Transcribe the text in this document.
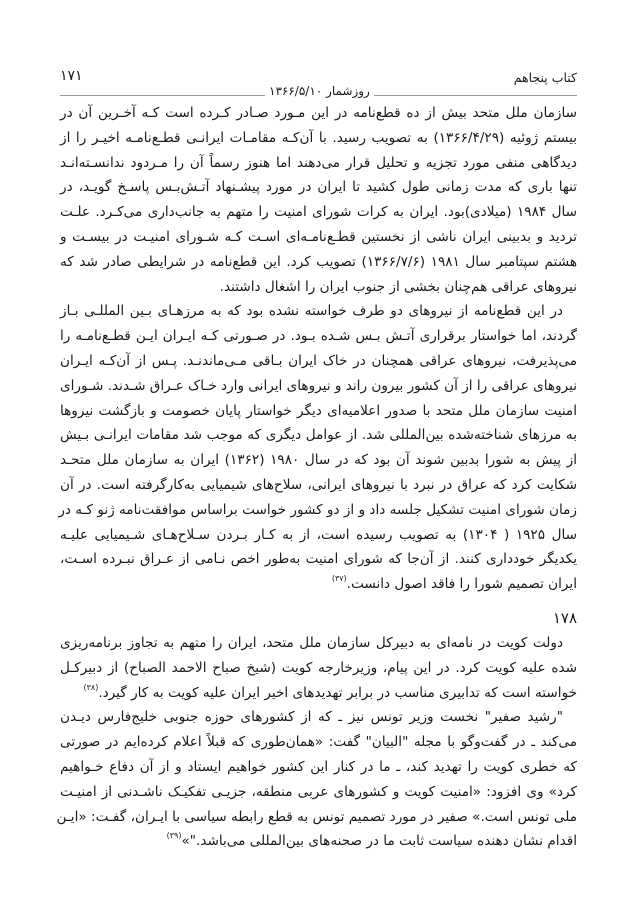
کتاب پنجاهم
روزشمار ۱۳۶۶/۵/۱۰
۱۷۱
سازمان ملل متحد بیش از ده قطع‌نامه در این مـورد صـادر کـرده است کـه آخـرین آن در
بیستم ژوئیه (۱۳۶۶/۴/۲۹) به تصویب رسید. با آن‌کـه مقامـات ایرانـی قطـع‌نامـه اخیـر را از
دیدگاهی منفی مورد تجزیه و تحلیل قرار می‌دهند اما هنوز رسماً آن را مـردود ندانسـته‌انـد
تنها باری که مدت زمانی طول کشید تا ایران در مورد پیشـنهاد آتـش‌بـس پاسـخ گویـد، در
سال ۱۹۸۴ (میلادی)بود. ایران به کرات شورای امنیت را متهم به جانب‌داری می‌کـرد. علـت
تردید و بدبینی ایران ناشی از نخستین قطـع‌نامـه‌ای اسـت کـه شـورای امنیـت در بیسـت و
هشتم سپتامبر سال ۱۹۸۱ (۱۳۶۶/۷/۶) تصویب کرد. این قطع‌نامه در شرایطی صادر شد که
نیروهای عراقی هم‌چنان بخشی از جنوب ایران را اشغال داشتند.
در این قطع‌نامه از نیروهای دو طرف خواسته نشده بود که به مرزهـای بـین المللـی بـاز
گردند، اما خواستار برقراری آتـش بـس شـده بـود. در صـورتی کـه ایـران ایـن قطـع‌نامـه را
می‌پذیرفت، نیروهای عراقی همچنان در خاک ایران بـاقی مـی‌ماندنـد. پـس از آن‌کـه ایـران
نیروهای عراقی را از آن کشور بیرون راند و نیروهای ایرانی وارد خـاک عـراق شـدند. شـورای
امنیت سازمان ملل متحد با صدور اعلامیه‌ای دیگر خواستار پایان خصومت و بازگشت نیروها
به مرزهای شناخته‌شده بین‌المللی شد. از عوامل دیگری که موجب شد مقامات ایرانـی بـیش
از پیش به شورا بدبین شوند آن بود که در سال ۱۹۸۰ (۱۳۶۲) ایران به سازمان ملل متحـد
شکایت کرد که عراق در نبرد با نیروهای ایرانی، سلاح‌های شیمیایی به‌کارگرفته است. در آن
زمان شورای امنیت تشکیل جلسه داد و از دو کشور خواست براساس موافقت‌نامه ژنو کـه در
سال ۱۹۲۵ ( ۱۳۰۴) به تصویب رسیده است، از به کـار بـردن سـلاح‌هـای شـیمیایی علیـه
یکدیگر خودداری کنند. از آن‌جا که شورای امنیت به‌طور اخص نـامی از عـراق نبـرده اسـت،
ایران تصمیم شورا را فاقد اصول دانست.$^{(۳۷)}$
۱۷۸
دولت کویت در نامه‌ای به دبیرکل سازمان ملل متحد، ایران را متهم به تجاوز برنامه‌ریزی
شده علیه کویت کرد. در این پیام، وزیرخارجه کویت (شیخ صباح الاحمد الصباح) از دبیرکـل
خواسته است که تدابیری مناسب در برابر تهدیدهای اخیر ایران علیه کویت به کار گیرد.$^{(۳۸)}$
"رشید صفیر" نخست وزیر تونس نیز ـ که از کشورهای حوزه جنوبی خلیج‌فارس دیـدن
می‌کند ـ در گفت‌وگو با مجله "البیان" گفت: «همان‌طوری که قبلاً اعلام کرده‌ایم در صورتی
که خطری کویت را تهدید کند، ـ ما در کنار این کشور خواهیم ایستاد و از آن دفاع خـواهیم
کرد» وی افزود: «امنیت کویت و کشورهای عربی منطقه، جزیـی تفکیـک ناشـدنی از امنیـت
ملی تونس است.» صفیر در مورد تصمیم تونس به قطع رابطه سیاسی با ایـران، گفـت: «ایـن
اقدام نشان دهنده سیاست ثابت ما در صحنه‌های بین‌المللی می‌باشد."»$^{(۳۹)}$
